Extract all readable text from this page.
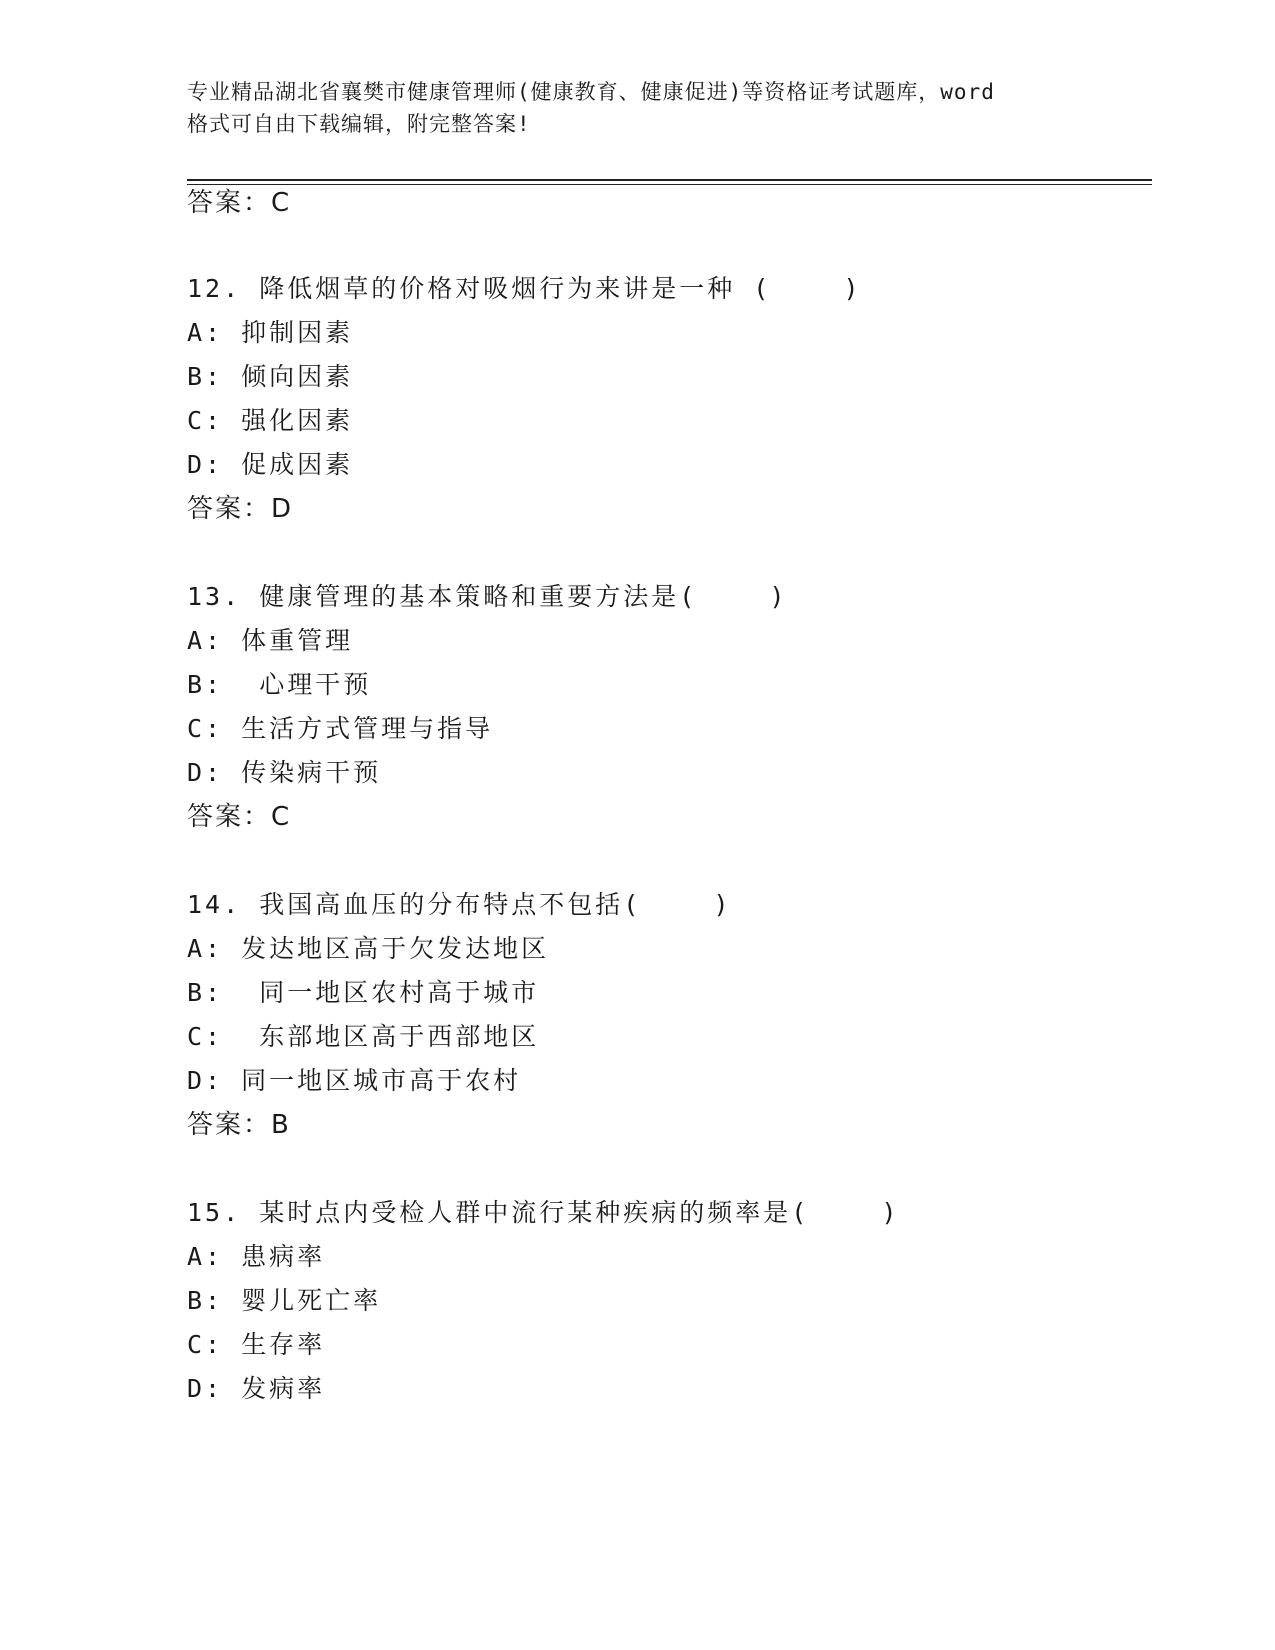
专业精品湖北省襄樊市健康管理师(健康教育、健康促进)等资格证考试题库，word
格式可自由下载编辑，附完整答案!
答案：C
12. 降低烟草的价格对吸烟行为来讲是一种 (    )
A: 抑制因素
B: 倾向因素
C: 强化因素
D: 促成因素
答案：D
13. 健康管理的基本策略和重要方法是(    )
A: 体重管理
B:  心理干预
C: 生活方式管理与指导
D: 传染病干预
答案：C
14. 我国高血压的分布特点不包括(    )
A: 发达地区高于欠发达地区
B:  同一地区农村高于城市
C:  东部地区高于西部地区
D: 同一地区城市高于农村
答案：B
15. 某时点内受检人群中流行某种疾病的频率是(    )
A: 患病率
B: 婴儿死亡率
C: 生存率
D: 发病率
